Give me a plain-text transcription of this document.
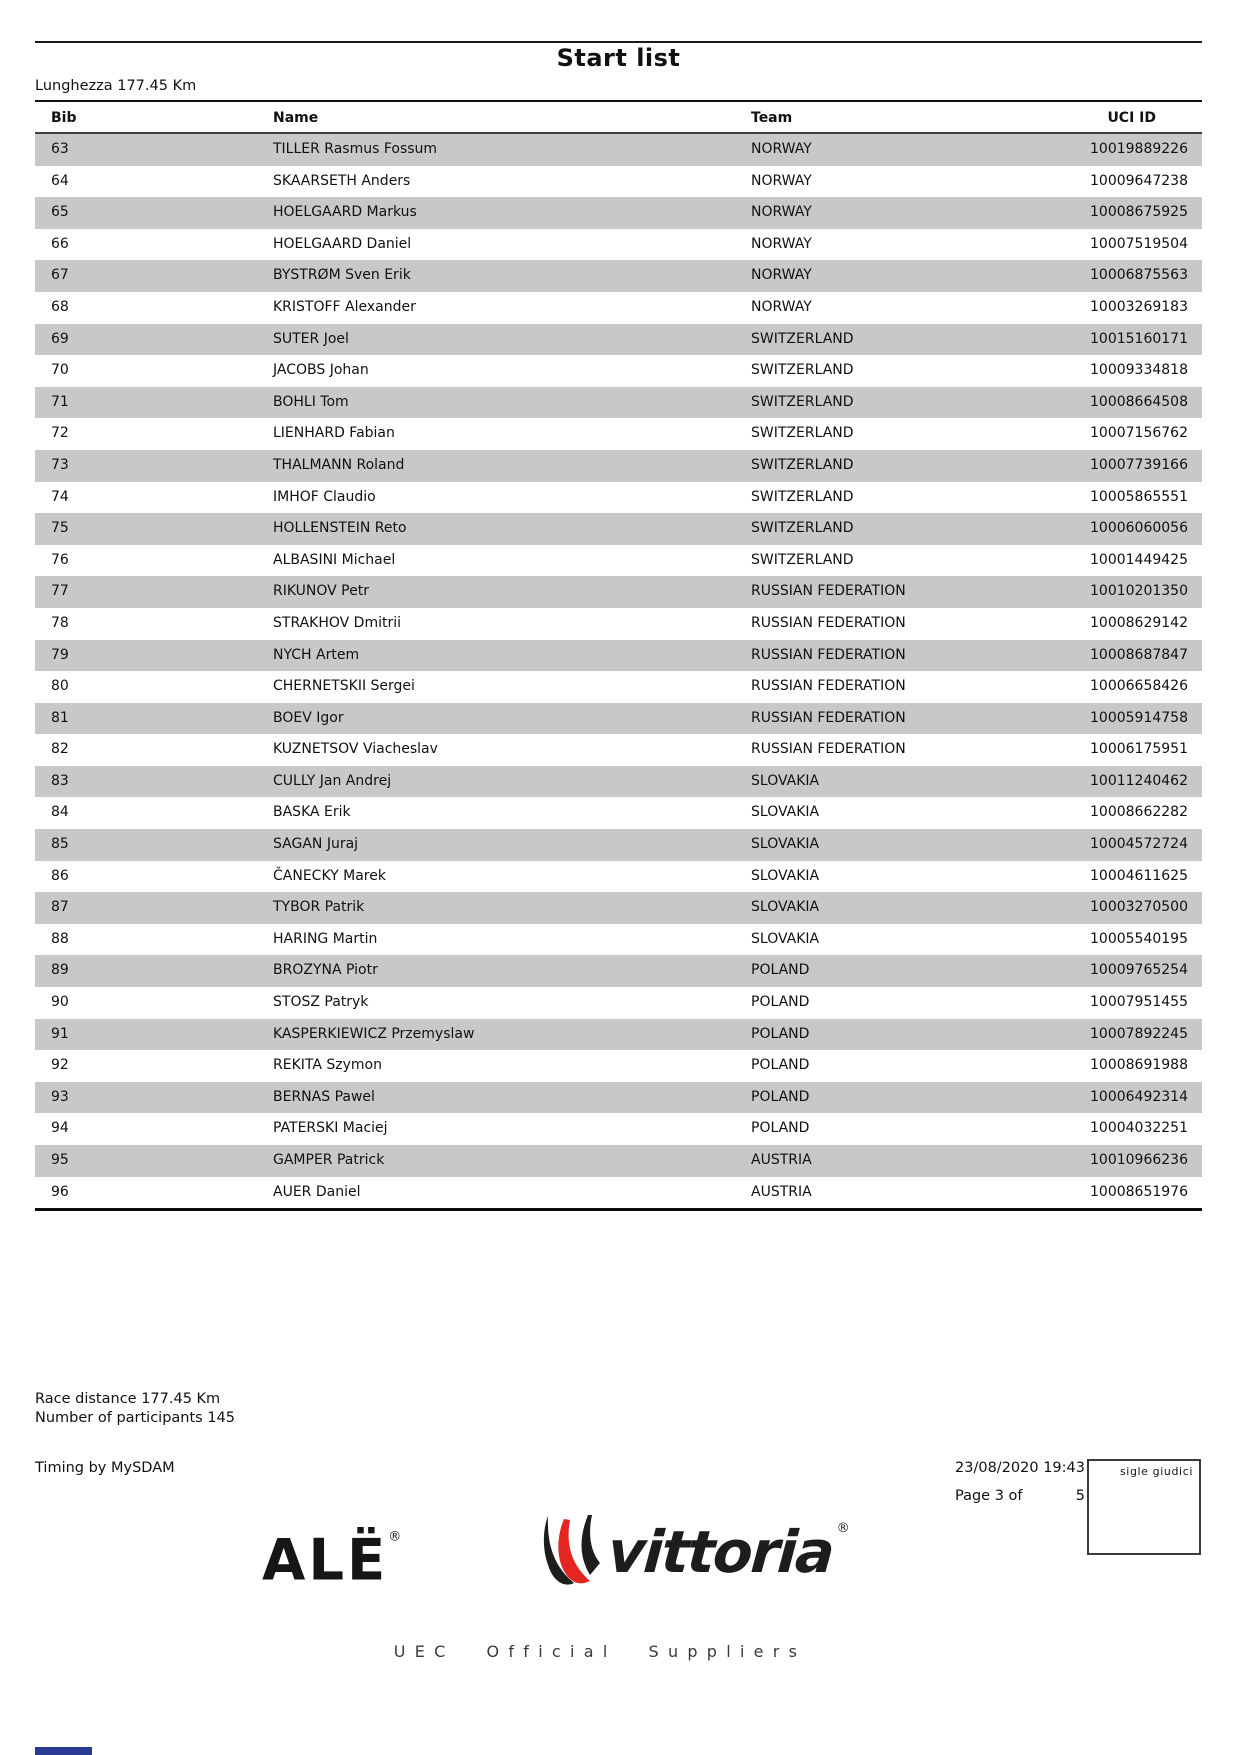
Start list
Lunghezza 177.45 Km
Bib	Name	Team	UCI ID
63	TILLER Rasmus Fossum	NORWAY	10019889226
64	SKAARSETH Anders	NORWAY	10009647238
65	HOELGAARD Markus	NORWAY	10008675925
66	HOELGAARD Daniel	NORWAY	10007519504
67	BYSTRØM Sven Erik	NORWAY	10006875563
68	KRISTOFF Alexander	NORWAY	10003269183
69	SUTER Joel	SWITZERLAND	10015160171
70	JACOBS Johan	SWITZERLAND	10009334818
71	BOHLI Tom	SWITZERLAND	10008664508
72	LIENHARD Fabian	SWITZERLAND	10007156762
73	THALMANN Roland	SWITZERLAND	10007739166
74	IMHOF Claudio	SWITZERLAND	10005865551
75	HOLLENSTEIN Reto	SWITZERLAND	10006060056
76	ALBASINI Michael	SWITZERLAND	10001449425
77	RIKUNOV Petr	RUSSIAN FEDERATION	10010201350
78	STRAKHOV Dmitrii	RUSSIAN FEDERATION	10008629142
79	NYCH Artem	RUSSIAN FEDERATION	10008687847
80	CHERNETSKII Sergei	RUSSIAN FEDERATION	10006658426
81	BOEV Igor	RUSSIAN FEDERATION	10005914758
82	KUZNETSOV Viacheslav	RUSSIAN FEDERATION	10006175951
83	CULLY Jan Andrej	SLOVAKIA	10011240462
84	BASKA Erik	SLOVAKIA	10008662282
85	SAGAN Juraj	SLOVAKIA	10004572724
86	ČANECKY Marek	SLOVAKIA	10004611625
87	TYBOR Patrik	SLOVAKIA	10003270500
88	HARING Martin	SLOVAKIA	10005540195
89	BROZYNA Piotr	POLAND	10009765254
90	STOSZ Patryk	POLAND	10007951455
91	KASPERKIEWICZ Przemyslaw	POLAND	10007892245
92	REKITA Szymon	POLAND	10008691988
93	BERNAS Pawel	POLAND	10006492314
94	PATERSKI Maciej	POLAND	10004032251
95	GAMPER Patrick	AUSTRIA	10010966236
96	AUER Daniel	AUSTRIA	10008651976
Race distance 177.45 Km
Number of participants 145
Timing by MySDAM	23/08/2020 19:43
Page 3 of	5
sigle giudici
ALË®	vittoria ®
UEC Official Suppliers
